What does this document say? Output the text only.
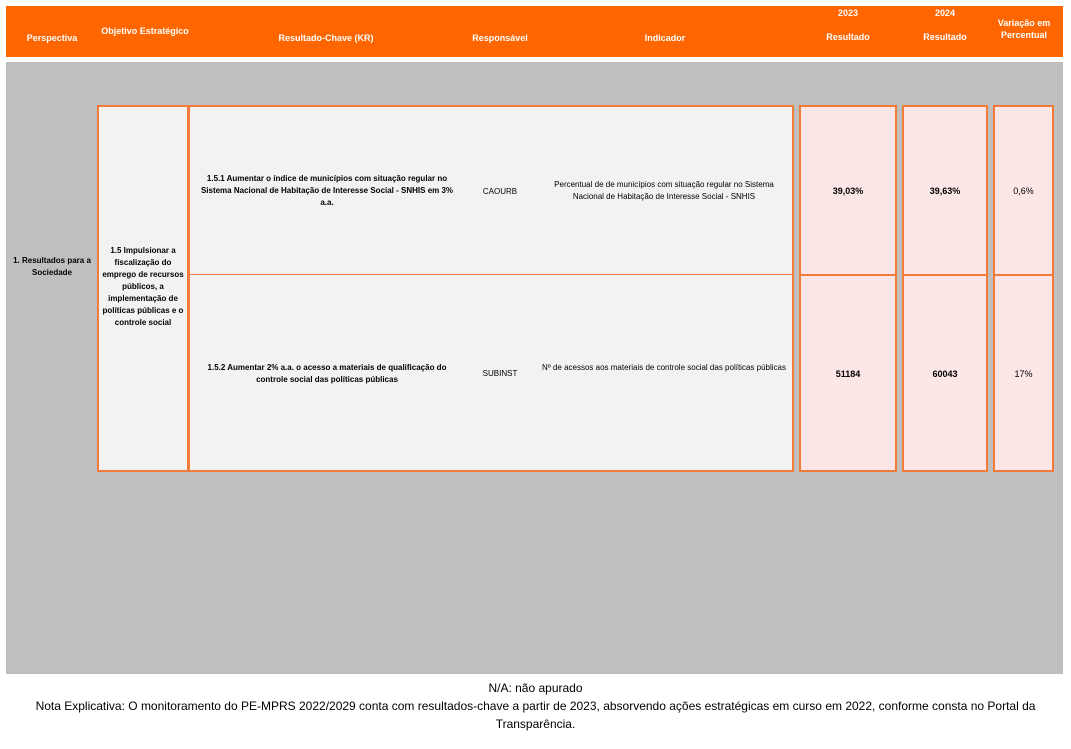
Perspectiva
Objetivo Estratégico
Resultado-Chave (KR)	Responsável	Indicador
2023
Resultado
2024
Resultado
Variação em Percentual
1. Resultados para a Sociedade
1.5 Impulsionar a fiscalização do emprego de recursos públicos, a implementação de políticas públicas e o controle social
1.5.1 Aumentar o índice de municípios com situação regular no Sistema Nacional de Habitação de Interesse Social - SNHIS em 3% a.a.
CAOURB
Percentual de de municípios com situação regular no Sistema Nacional de Habitação de Interesse Social - SNHIS
1.5.2 Aumentar 2% a.a. o acesso a materiais de qualificação do controle social das políticas públicas
SUBINST
Nº de acessos aos materiais de controle social das políticas públicas
39,03%
51184
39,63%
60043
0,6%
17%
N/A: não apurado
Nota Explicativa: O monitoramento do PE-MPRS 2022/2029 conta com resultados-chave a partir de 2023, absorvendo ações estratégicas em curso em 2022, conforme consta no Portal da Transparência.
